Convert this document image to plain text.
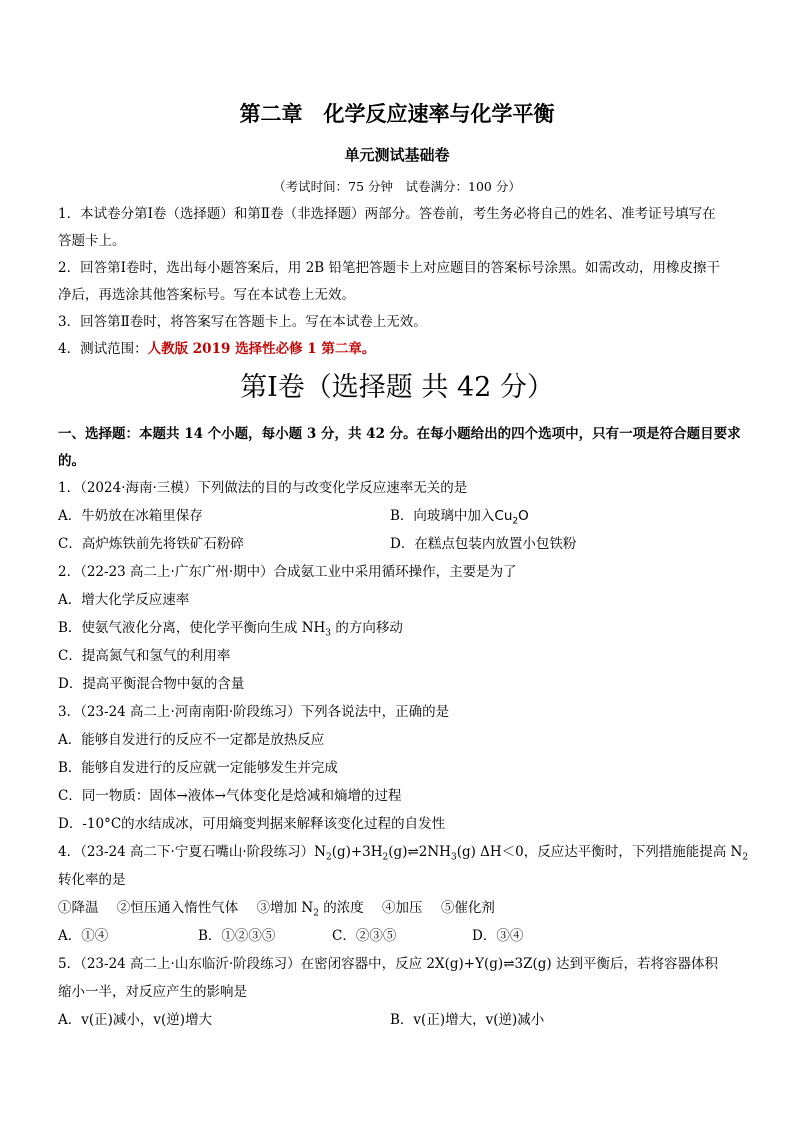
第二章　化学反应速率与化学平衡
单元测试基础卷
（考试时间：75 分钟　试卷满分：100 分）
1．本试卷分第Ⅰ卷（选择题）和第Ⅱ卷（非选择题）两部分。答卷前，考生务必将自己的姓名、准考证号填写在
答题卡上。
2．回答第Ⅰ卷时，选出每小题答案后，用 2B 铅笔把答题卡上对应题目的答案标号涂黑。如需改动，用橡皮擦干
净后，再选涂其他答案标号。写在本试卷上无效。
3．回答第Ⅱ卷时，将答案写在答题卡上。写在本试卷上无效。
4．测试范围：人教版 2019 选择性必修 1 第二章。
第Ⅰ卷（选择题 共 42 分）
一、选择题：本题共 14 个小题，每小题 3 分，共 42 分。在每小题给出的四个选项中，只有一项是符合题目要求
的。
1．（2024·海南·三模）下列做法的目的与改变化学反应速率无关的是
A．牛奶放在冰箱里保存	B．向玻璃中加入$Cu_2O$
C．高炉炼铁前先将铁矿石粉碎	D．在糕点包装内放置小包铁粉
2．（22-23 高二上·广东广州·期中）合成氨工业中采用循环操作，主要是为了
A．增大化学反应速率
B．使氨气液化分离，使化学平衡向生成 $NH_3$ 的方向移动
C．提高氮气和氢气的利用率
D．提高平衡混合物中氨的含量
3．（23-24 高二上·河南南阳·阶段练习）下列各说法中，正确的是
A．能够自发进行的反应不一定都是放热反应
B．能够自发进行的反应就一定能够发生并完成
C．同一物质：固体→液体→气体变化是焓减和熵增的过程
D．-10°C的水结成冰，可用熵变判据来解释该变化过程的自发性
4．（23-24 高二下·宁夏石嘴山·阶段练习）$N_2(g)+3H_2(g)\rightleftharpoons 2NH_3(g)$ ΔH＜0，反应达平衡时，下列措施能提高 $N_2$
转化率的是
①降温 ②恒压通入惰性气体 ③增加 $N_2$ 的浓度 ④加压 ⑤催化剂
A．①④	B．①②③⑤	C．②③⑤	D．③④
5．（23-24 高二上·山东临沂·阶段练习）在密闭容器中，反应 2X(g)+Y(g)⇌3Z(g) 达到平衡后，若将容器体积
缩小一半，对反应产生的影响是
A．v(正)减小，v(逆)增大	B．v(正)增大，v(逆)减小
